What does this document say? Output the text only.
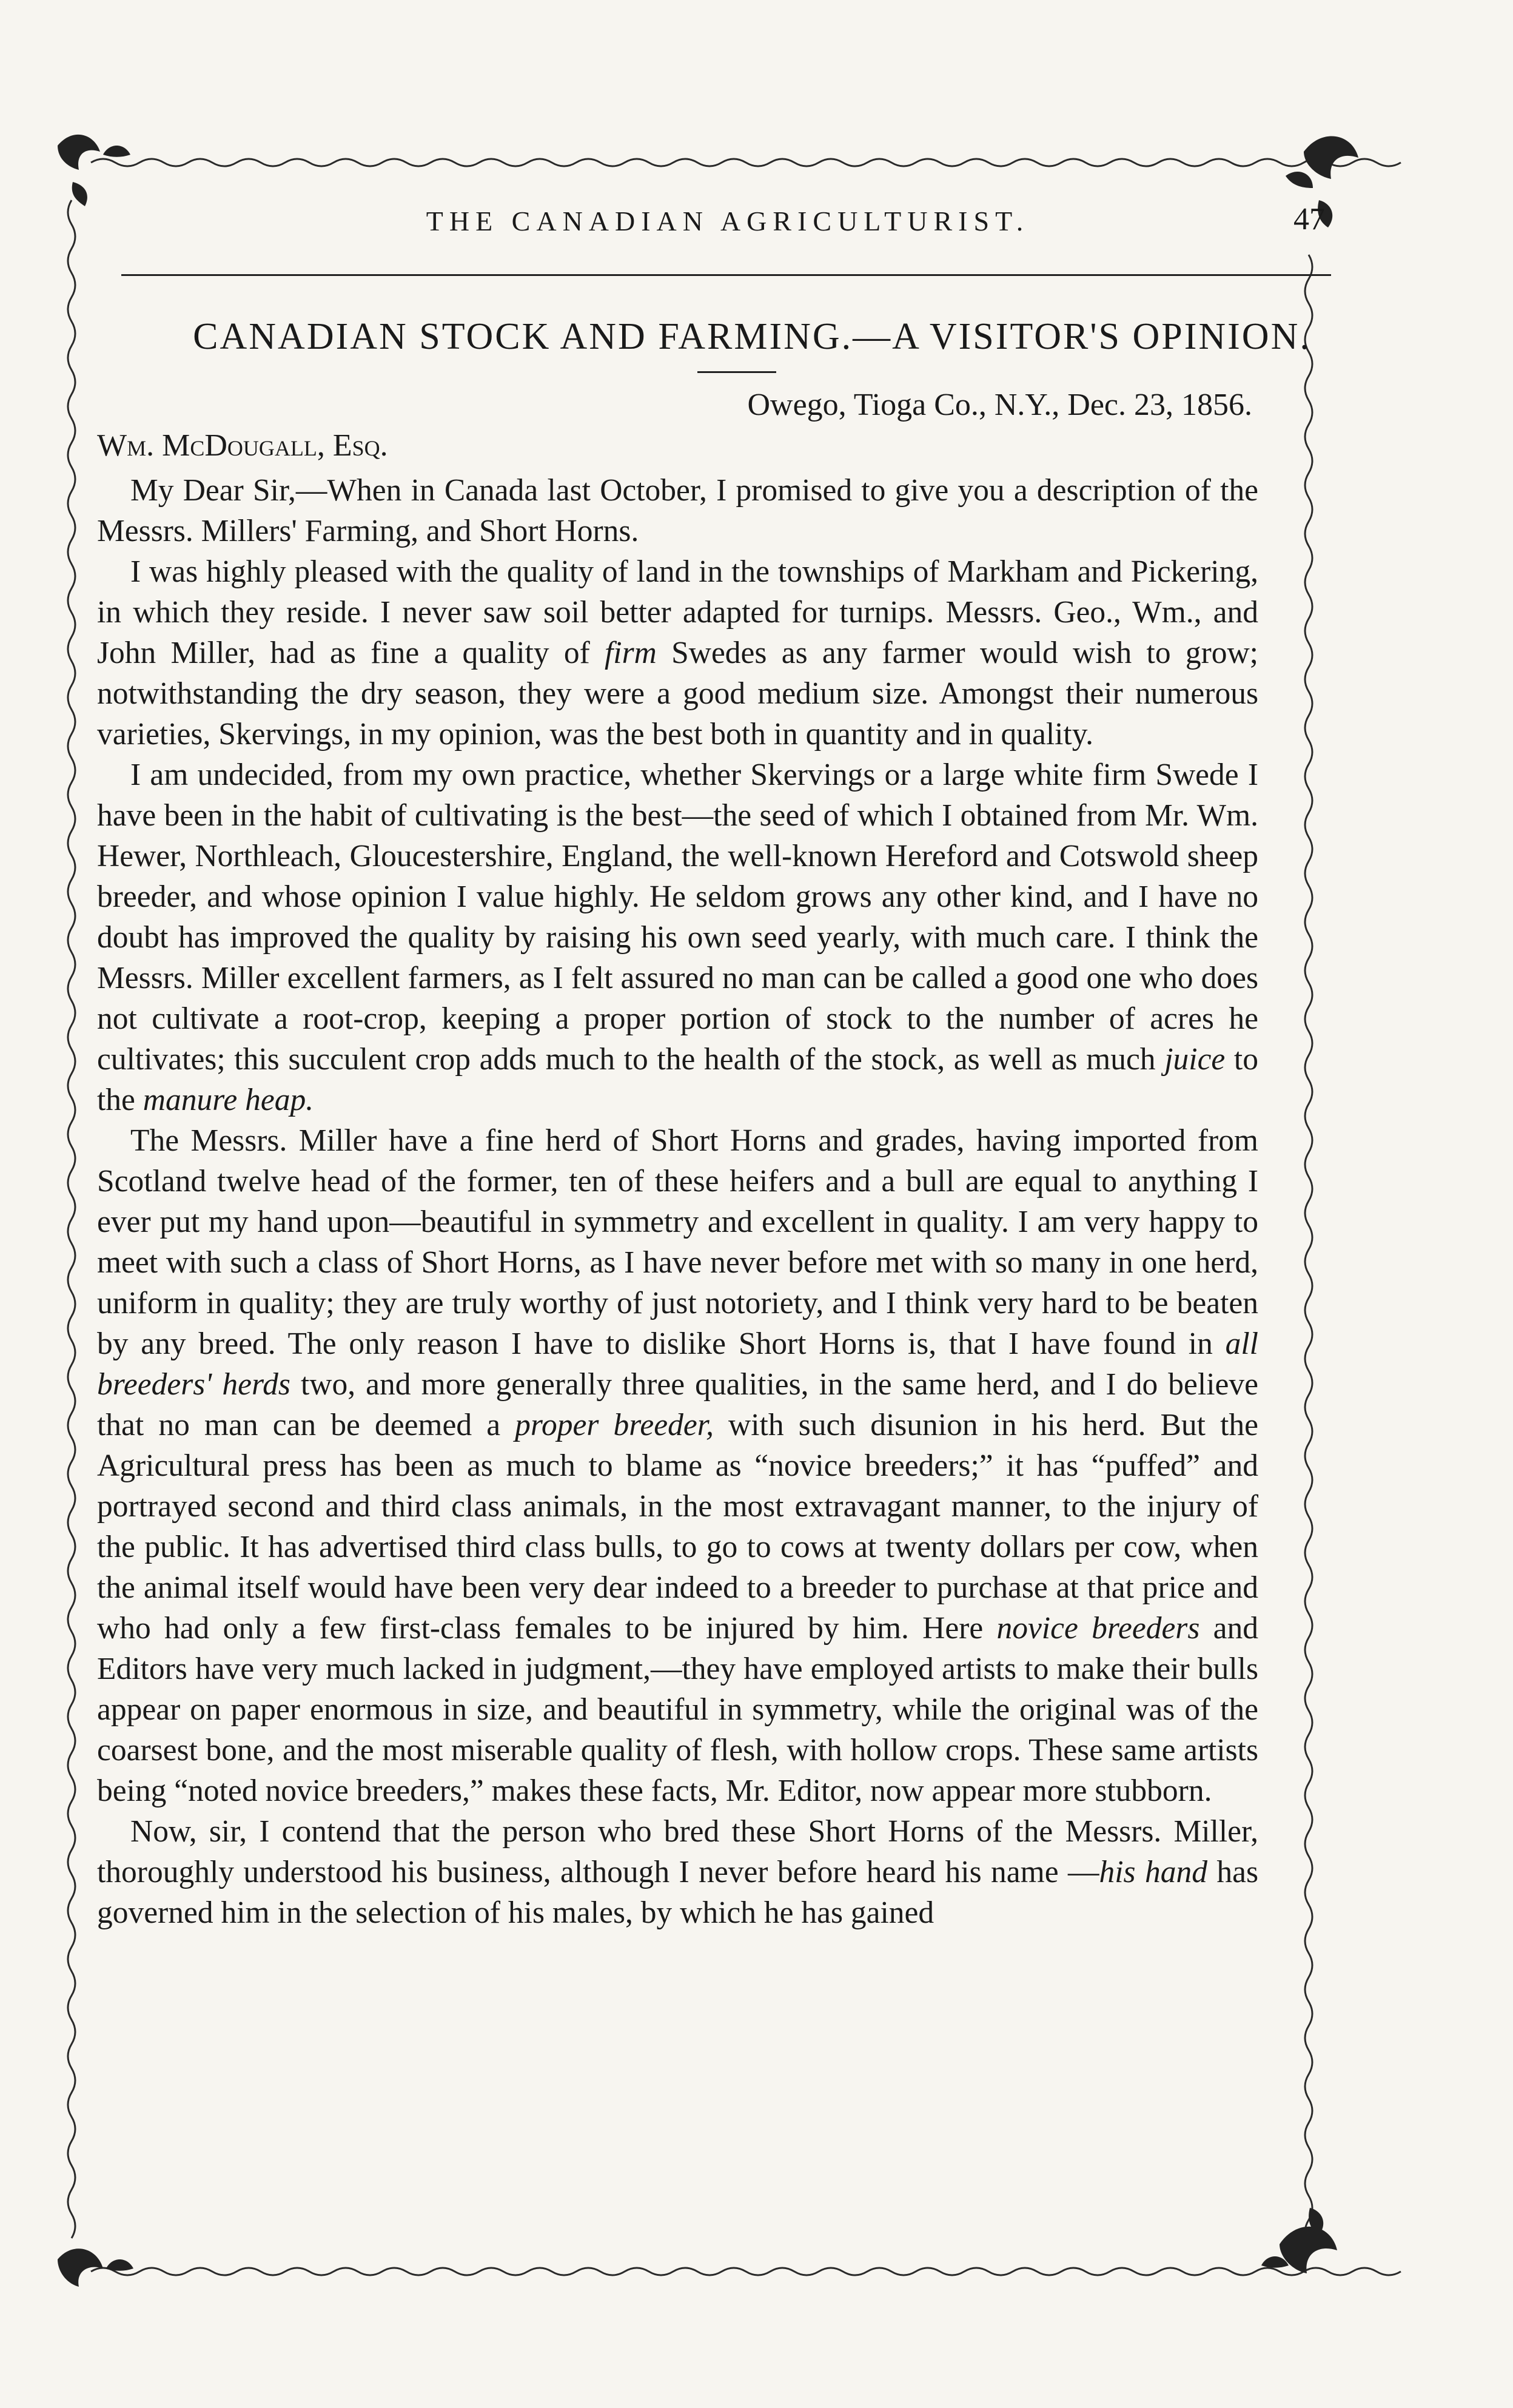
THE CANADIAN AGRICULTURIST.	47
CANADIAN STOCK AND FARMING.—A VISITOR'S OPINION.
Owego, Tioga Co., N.Y., Dec. 23, 1856.
Wm. McDougall, Esq.

My Dear Sir,—When in Canada last October, I promised to give you a description of the Messrs. Millers' Farming, and Short Horns.

I was highly pleased with the quality of land in the townships of Markham and Pickering, in which they reside. I never saw soil better adapted for turnips. Messrs. Geo., Wm., and John Miller, had as fine a quality of firm Swedes as any farmer would wish to grow; notwithstanding the dry season, they were a good medium size. Amongst their numerous varieties, Skervings, in my opinion, was the best both in quantity and in quality.

I am undecided, from my own practice, whether Skervings or a large white firm Swede I have been in the habit of cultivating is the best—the seed of which I obtained from Mr. Wm. Hewer, Northleach, Gloucestershire, England, the well-known Hereford and Cotswold sheep breeder, and whose opinion I value highly. He seldom grows any other kind, and I have no doubt has improved the quality by raising his own seed yearly, with much care. I think the Messrs. Miller excellent farmers, as I felt assured no man can be called a good one who does not cultivate a root-crop, keeping a proper portion of stock to the number of acres he cultivates; this succulent crop adds much to the health of the stock, as well as much juice to the manure heap.

The Messrs. Miller have a fine herd of Short Horns and grades, having imported from Scotland twelve head of the former, ten of these heifers and a bull are equal to anything I ever put my hand upon—beautiful in symmetry and excellent in quality. I am very happy to meet with such a class of Short Horns, as I have never before met with so many in one herd, uniform in quality; they are truly worthy of just notoriety, and I think very hard to be beaten by any breed. The only reason I have to dislike Short Horns is, that I have found in all breeders' herds two, and more generally three qualities, in the same herd, and I do believe that no man can be deemed a proper breeder, with such disunion in his herd. But the Agricultural press has been as much to blame as “novice breeders;” it has “puffed” and portrayed second and third class animals, in the most extravagant manner, to the injury of the public. It has advertised third class bulls, to go to cows at twenty dollars per cow, when the animal itself would have been very dear indeed to a breeder to purchase at that price and who had only a few first-class females to be injured by him. Here novice breeders and Editors have very much lacked in judgment,—they have employed artists to make their bulls appear on paper enormous in size, and beautiful in symmetry, while the original was of the coarsest bone, and the most miserable quality of flesh, with hollow crops. These same artists being “noted novice breeders,” makes these facts, Mr. Editor, now appear more stubborn.

Now, sir, I contend that the person who bred these Short Horns of the Messrs. Miller, thoroughly understood his business, although I never before heard his name —his hand has governed him in the selection of his males, by which he has gained
